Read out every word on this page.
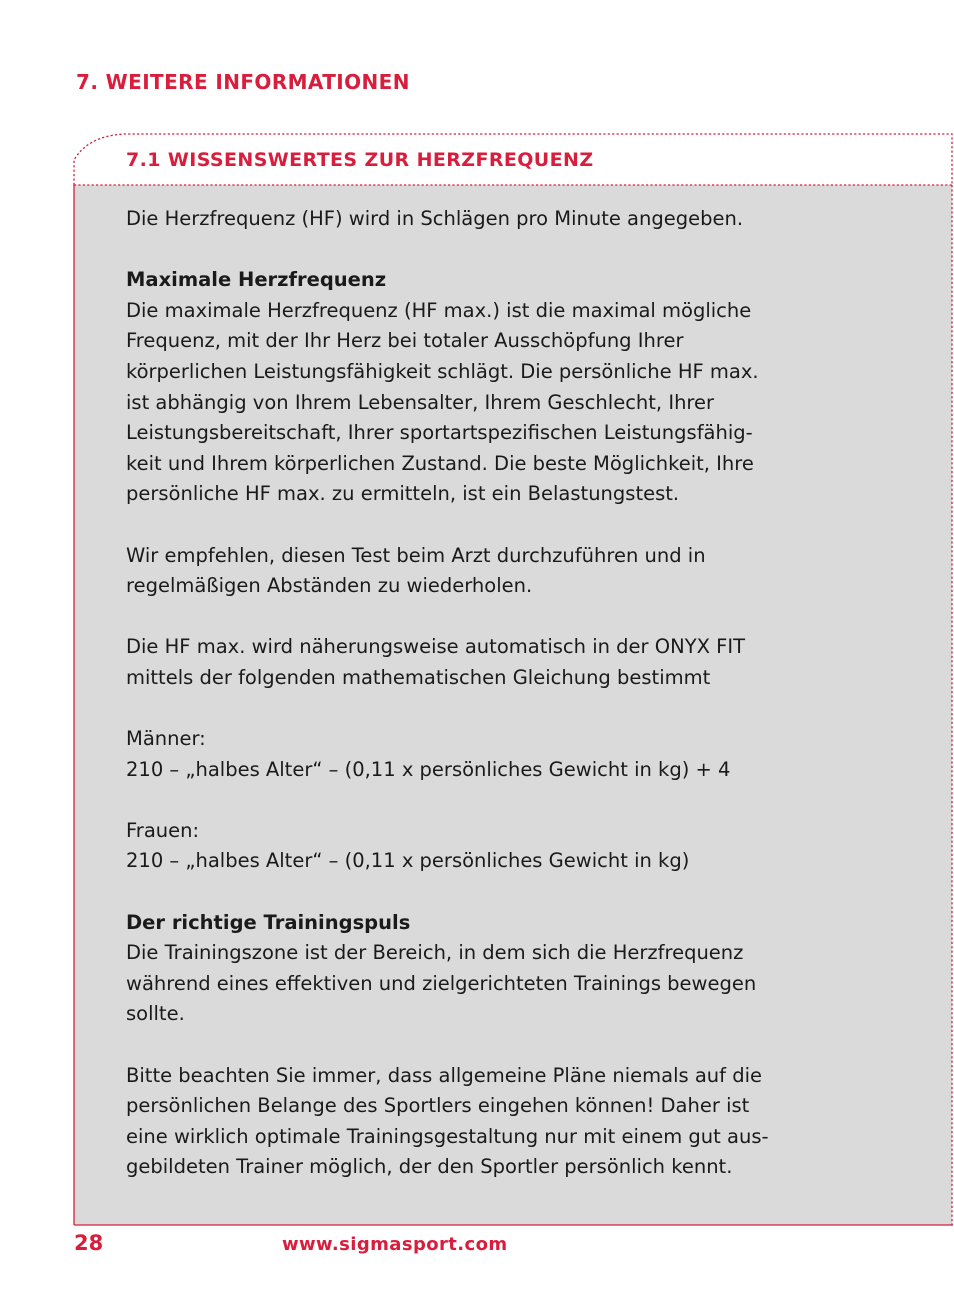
7. WEITERE INFORMATIONEN
7.1 WISSENSWERTES ZUR HERZFREQUENZ

Die Herzfrequenz (HF) wird in Schlägen pro Minute angegeben.

Maximale Herzfrequenz

Die maximale Herzfrequenz (HF max.) ist die maximal mögliche

Frequenz, mit der Ihr Herz bei totaler Ausschöpfung Ihrer

körperlichen Leistungsfähigkeit schlägt. Die persönliche HF max.

ist abhängig von Ihrem Lebensalter, Ihrem Geschlecht, Ihrer

Leistungsbereitschaft, Ihrer sportartspezifischen Leistungsfähig-

keit und Ihrem körperlichen Zustand. Die beste Möglichkeit, Ihre

persönliche HF max. zu ermitteln, ist ein Belastungstest.

Wir empfehlen, diesen Test beim Arzt durchzuführen und in

regelmäßigen Abständen zu wiederholen.

Die HF max. wird näherungsweise automatisch in der ONYX FIT

mittels der folgenden mathematischen Gleichung bestimmt

Männer:

210 – „halbes Alter“ – (0,11 x persönliches Gewicht in kg) + 4

Frauen:

210 – „halbes Alter“ – (0,11 x persönliches Gewicht in kg)

Der richtige Trainingspuls

Die Trainingszone ist der Bereich, in dem sich die Herzfrequenz

während eines effektiven und zielgerichteten Trainings bewegen

sollte.

Bitte beachten Sie immer, dass allgemeine Pläne niemals auf die

persönlichen Belange des Sportlers eingehen können! Daher ist

eine wirklich optimale Trainingsgestaltung nur mit einem gut aus-

gebildeten Trainer möglich, der den Sportler persönlich kennt.

28	www.sigmasport.com
